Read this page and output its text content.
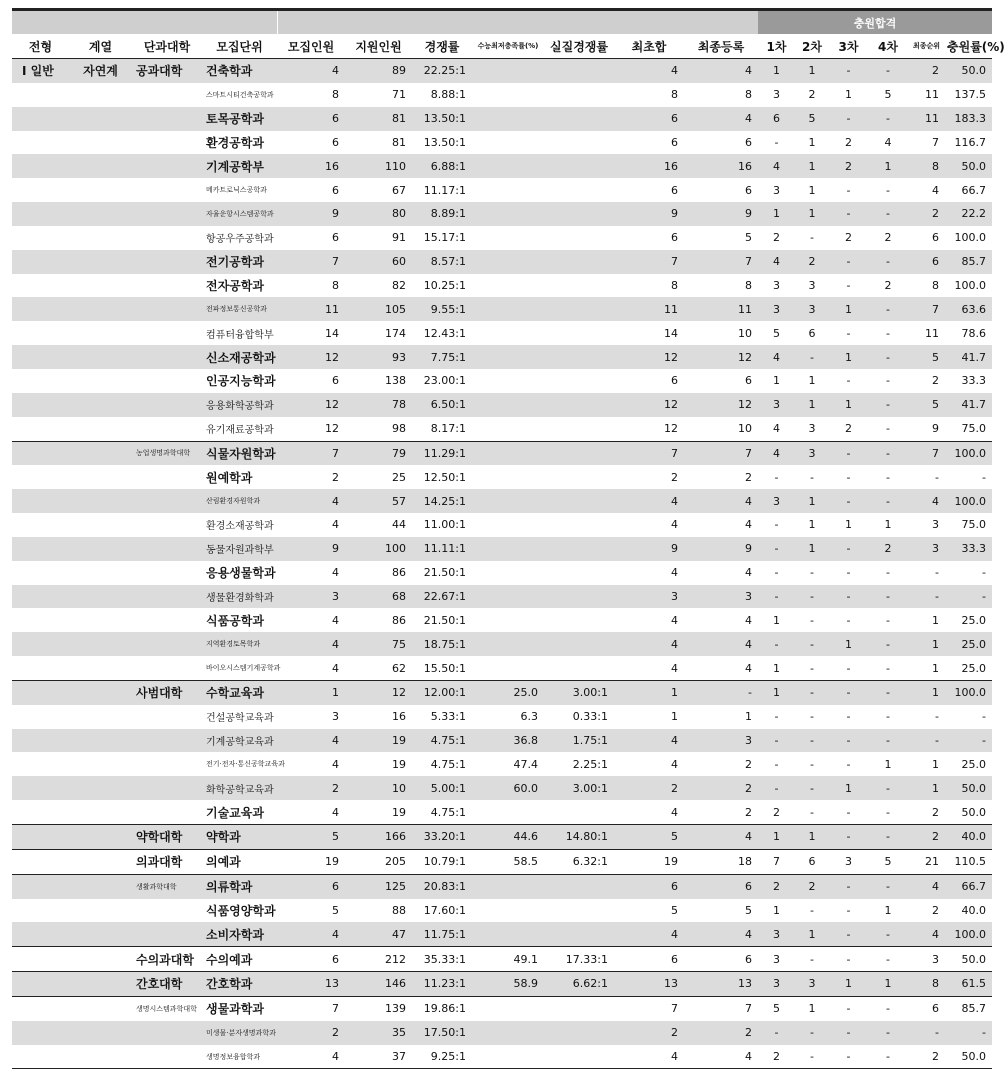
											충원합격					
전형	계열	단과대학	모집단위	모집인원	지원인원	경쟁률	수능최저충족률(%)	실질경쟁률	최초합	최종등록	1차	2차	3차	4차	최종순위	충원률(%)
I 일반	자연계	공과대학	건축학과	4	89	22.25:1			4	4	1	1	-	-	2	50.0
			스마트시티건축공학과	8	71	8.88:1			8	8	3	2	1	5	11	137.5
			토목공학과	6	81	13.50:1			6	4	6	5	-	-	11	183.3
			환경공학과	6	81	13.50:1			6	6	-	1	2	4	7	116.7
			기계공학부	16	110	6.88:1			16	16	4	1	2	1	8	50.0
			메카트로닉스공학과	6	67	11.17:1			6	6	3	1	-	-	4	66.7
			자율운항시스템공학과	9	80	8.89:1			9	9	1	1	-	-	2	22.2
			항공우주공학과	6	91	15.17:1			6	5	2	-	2	2	6	100.0
			전기공학과	7	60	8.57:1			7	7	4	2	-	-	6	85.7
			전자공학과	8	82	10.25:1			8	8	3	3	-	2	8	100.0
			전파정보통신공학과	11	105	9.55:1			11	11	3	3	1	-	7	63.6
			컴퓨터융합학부	14	174	12.43:1			14	10	5	6	-	-	11	78.6
			신소재공학과	12	93	7.75:1			12	12	4	-	1	-	5	41.7
			인공지능학과	6	138	23.00:1			6	6	1	1	-	-	2	33.3
			응용화학공학과	12	78	6.50:1			12	12	3	1	1	-	5	41.7
			유기재료공학과	12	98	8.17:1			12	10	4	3	2	-	9	75.0
		농업생명과학대학	식물자원학과	7	79	11.29:1			7	7	4	3	-	-	7	100.0
			원예학과	2	25	12.50:1			2	2	-	-	-	-	-	-
			산림환경자원학과	4	57	14.25:1			4	4	3	1	-	-	4	100.0
			환경소재공학과	4	44	11.00:1			4	4	-	1	1	1	3	75.0
			동물자원과학부	9	100	11.11:1			9	9	-	1	-	2	3	33.3
			응용생물학과	4	86	21.50:1			4	4	-	-	-	-	-	-
			생물환경화학과	3	68	22.67:1			3	3	-	-	-	-	-	-
			식품공학과	4	86	21.50:1			4	4	1	-	-	-	1	25.0
			지역환경토목학과	4	75	18.75:1			4	4	-	-	1	-	1	25.0
			바이오시스템기계공학과	4	62	15.50:1			4	4	1	-	-	-	1	25.0
		사범대학	수학교육과	1	12	12.00:1	25.0	3.00:1	1	-	1	-	-	-	1	100.0
			건설공학교육과	3	16	5.33:1	6.3	0.33:1	1	1	-	-	-	-	-	-
			기계공학교육과	4	19	4.75:1	36.8	1.75:1	4	3	-	-	-	-	-	-
			전기·전자·통신공학교육과	4	19	4.75:1	47.4	2.25:1	4	2	-	-	-	1	1	25.0
			화학공학교육과	2	10	5.00:1	60.0	3.00:1	2	2	-	-	1	-	1	50.0
			기술교육과	4	19	4.75:1			4	2	2	-	-	-	2	50.0
		약학대학	약학과	5	166	33.20:1	44.6	14.80:1	5	4	1	1	-	-	2	40.0
		의과대학	의예과	19	205	10.79:1	58.5	6.32:1	19	18	7	6	3	5	21	110.5
		생활과학대학	의류학과	6	125	20.83:1			6	6	2	2	-	-	4	66.7
			식품영양학과	5	88	17.60:1			5	5	1	-	-	1	2	40.0
			소비자학과	4	47	11.75:1			4	4	3	1	-	-	4	100.0
		수의과대학	수의예과	6	212	35.33:1	49.1	17.33:1	6	6	3	-	-	-	3	50.0
		간호대학	간호학과	13	146	11.23:1	58.9	6.62:1	13	13	3	3	1	1	8	61.5
		생명시스템과학대학	생물과학과	7	139	19.86:1			7	7	5	1	-	-	6	85.7
			미생물·분자생명과학과	2	35	17.50:1			2	2	-	-	-	-	-	-
			생명정보융합학과	4	37	9.25:1			4	4	2	-	-	-	2	50.0
